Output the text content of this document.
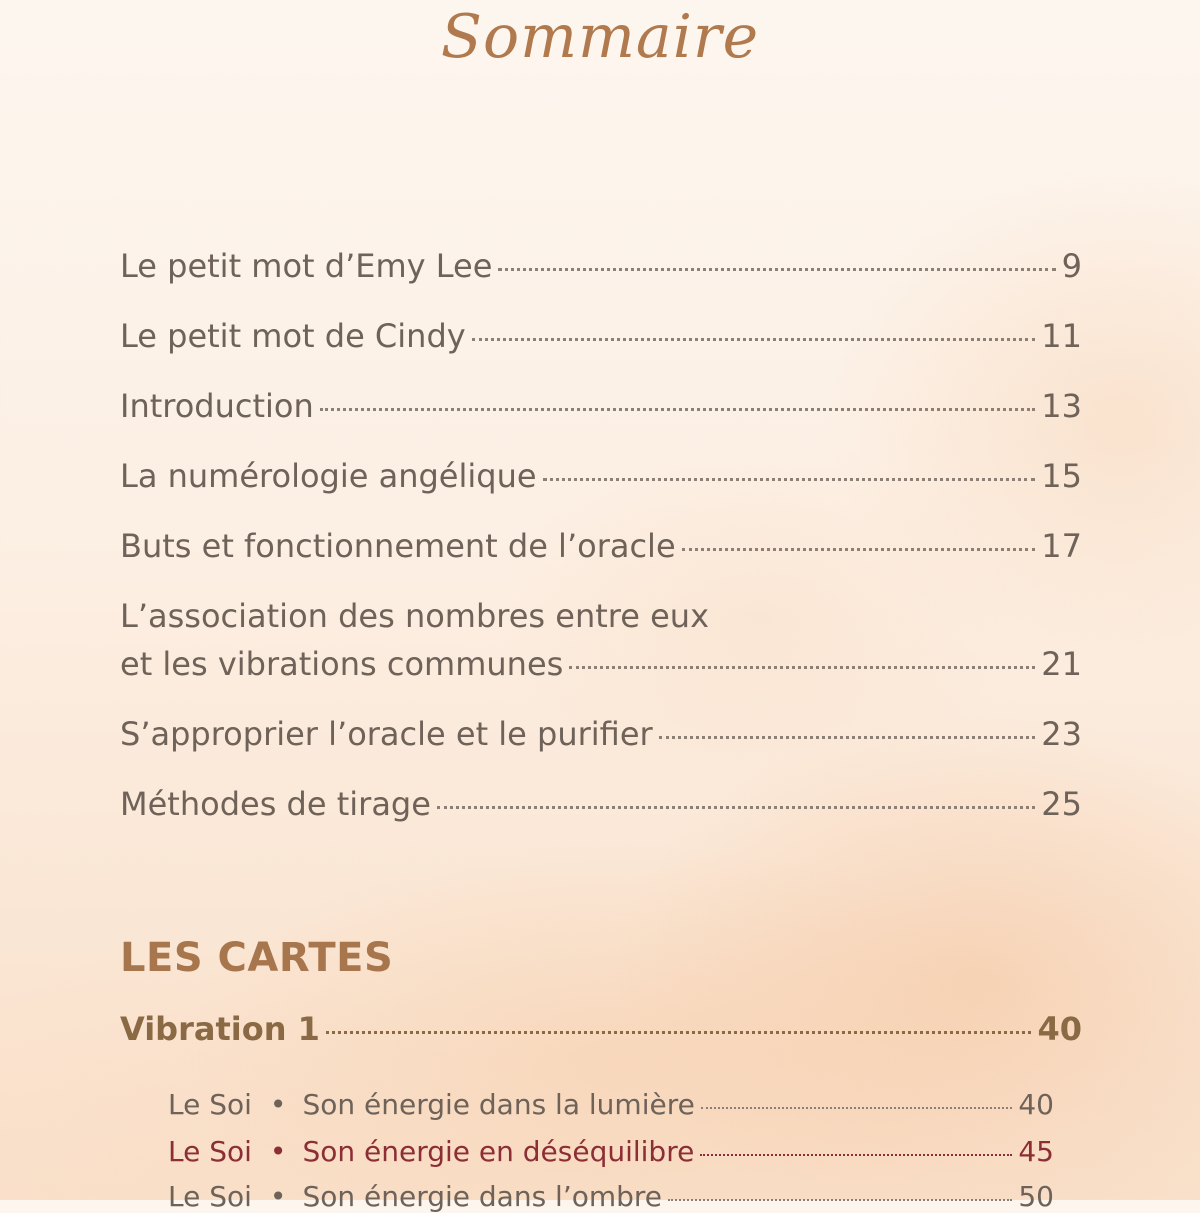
Sommaire
Le petit mot d’Emy Lee	9
Le petit mot de Cindy	11
Introduction	13
La numérologie angélique	15
Buts et fonctionnement de l’oracle	17
L’association des nombres entre eux
et les vibrations communes	21
S’approprier l’oracle et le purifier	23
Méthodes de tirage	25
LES CARTES
Vibration 1	40
Le Soi • Son énergie dans la lumière	40
Le Soi • Son énergie en déséquilibre	45
Le Soi • Son énergie dans l’ombre	50
